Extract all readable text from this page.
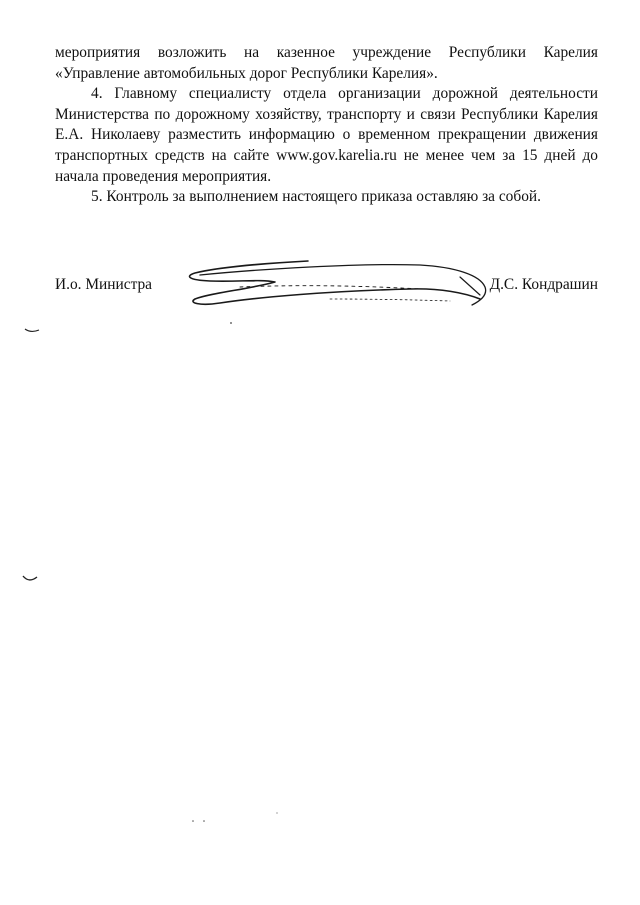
мероприятия возложить на казенное учреждение Республики Карелия «Управление автомобильных дорог Республики Карелия».

4. Главному специалисту отдела организации дорожной деятельности Министерства по дорожному хозяйству, транспорту и связи Республики Карелия Е.А. Николаеву разместить информацию о временном прекращении движения транспортных средств на сайте www.gov.karelia.ru не менее чем за 15 дней до начала проведения мероприятия.

5. Контроль за выполнением настоящего приказа оставляю за собой.

И.о. Министра	Д.С. Кондрашин
